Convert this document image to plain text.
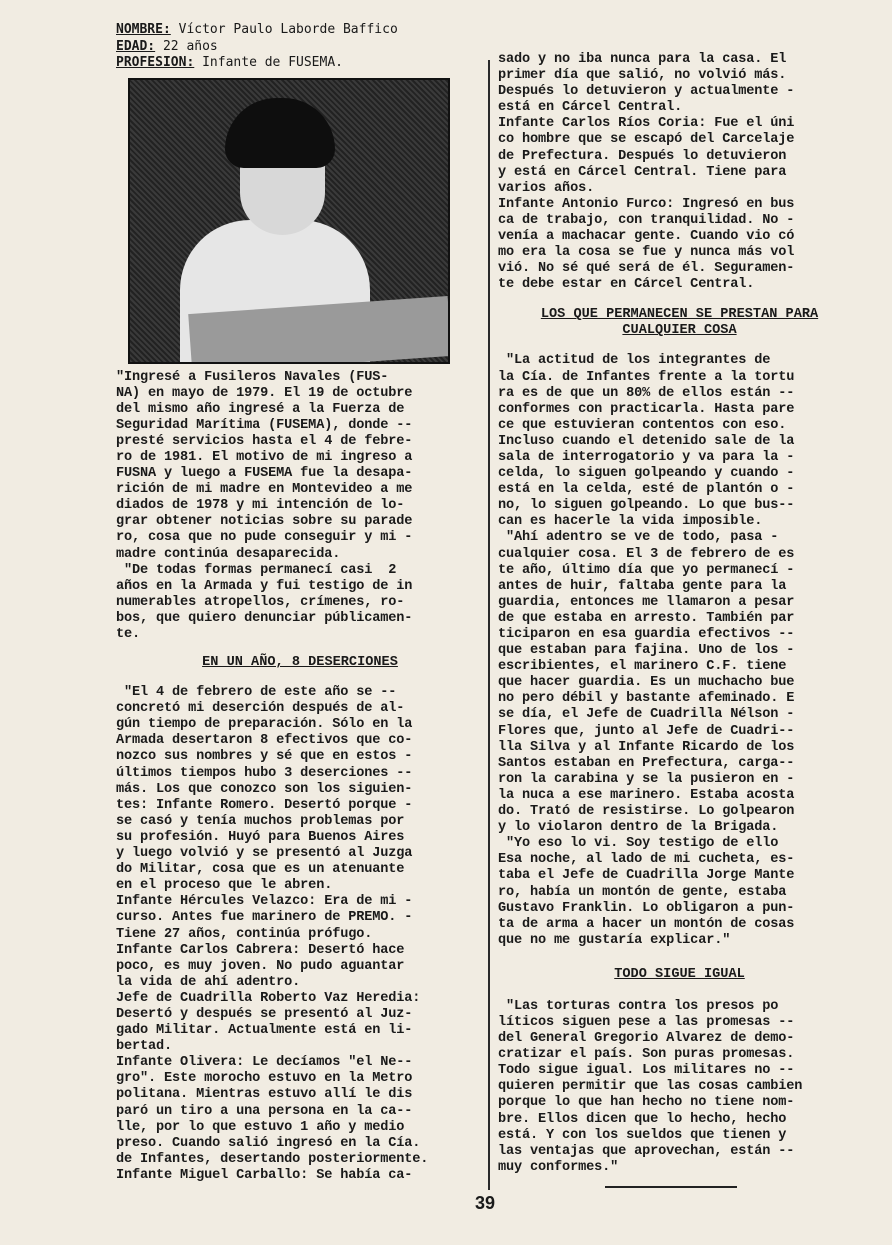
NOMBRE: Víctor Paulo Laborde Baffico
EDAD: 22 años
PROFESION: Infante de FUSEMA.

"Ingresé a Fusileros Navales (FUS-
NA) en mayo de 1979. El 19 de octubre
del mismo año ingresé a la Fuerza de
Seguridad Marítima (FUSEMA), donde --
presté servicios hasta el 4 de febre-
ro de 1981. El motivo de mi ingreso a
FUSNA y luego a FUSEMA fue la desapa-
rición de mi madre en Montevideo a me
diados de 1978 y mi intención de lo-
grar obtener noticias sobre su parade
ro, cosa que no pude conseguir y mi -
madre continúa desaparecida.
"De todas formas permanecí casi  2
años en la Armada y fui testigo de in
numerables atropellos, crímenes, ro-
bos, que quiero denunciar públicamen-
te.

EN UN AÑO, 8 DESERCIONES

"El 4 de febrero de este año se --
concretó mi deserción después de al-
gún tiempo de preparación. Sólo en la
Armada desertaron 8 efectivos que co-
nozco sus nombres y sé que en estos -
últimos tiempos hubo 3 deserciones --
más. Los que conozco son los siguien-
tes: Infante Romero. Desertó porque -
se casó y tenía muchos problemas por
su profesión. Huyó para Buenos Aires
y luego volvió y se presentó al Juzga
do Militar, cosa que es un atenuante
en el proceso que le abren.
Infante Hércules Velazco: Era de mi -
curso. Antes fue marinero de PREMO. -
Tiene 27 años, continúa prófugo.
Infante Carlos Cabrera: Desertó hace
poco, es muy joven. No pudo aguantar
la vida de ahí adentro.
Jefe de Cuadrilla Roberto Vaz Heredia:
Desertó y después se presentó al Juz-
gado Militar. Actualmente está en li-
bertad.
Infante Olivera: Le decíamos "el Ne--
gro". Este morocho estuvo en la Metro
politana. Mientras estuvo allí le dis
paró un tiro a una persona en la ca--
lle, por lo que estuvo 1 año y medio
preso. Cuando salió ingresó en la Cía.
de Infantes, desertando posteriormente.
Infante Miguel Carballo: Se había ca-

sado y no iba nunca para la casa. El
primer día que salió, no volvió más.
Después lo detuvieron y actualmente -
está en Cárcel Central.
Infante Carlos Ríos Coria: Fue el úni
co hombre que se escapó del Carcelaje
de Prefectura. Después lo detuvieron
y está en Cárcel Central. Tiene para
varios años.
Infante Antonio Furco: Ingresó en bus
ca de trabajo, con tranquilidad. No -
venía a machacar gente. Cuando vio có
mo era la cosa se fue y nunca más vol
vió. No sé qué será de él. Seguramen-
te debe estar en Cárcel Central.

LOS QUE PERMANECEN SE PRESTAN PARA
CUALQUIER COSA

"La actitud de los integrantes de
la Cía. de Infantes frente a la tortu
ra es de que un 80% de ellos están --
conformes con practicarla. Hasta pare
ce que estuvieran contentos con eso.
Incluso cuando el detenido sale de la
sala de interrogatorio y va para la -
celdа, lo siguen golpeando y cuando -
está en la celda, esté de plantón o -
no, lo siguen golpeando. Lo que bus--
can es hacerle la vida imposible.
"Ahí adentro se ve de todo, pasa -
cualquier cosa. El 3 de febrero de es
te año, último día que yo permanecí -
antes de huir, faltaba gente para la
guardia, entonces me llamaron a pesar
de que estaba en arresto. También par
ticiparon en esa guardia efectivos --
que estaban para fajina. Uno de los -
escribientes, el marinero C.F. tiene
que hacer guardia. Es un muchacho bue
no pero débil y bastante afeminado. E
se día, el Jefe de Cuadrilla Nélson -
Flores que, junto al Jefe de Cuadri--
lla Silva y al Infante Ricardo de los
Santos estaban en Prefectura, carga--
ron la carabina y se la pusieron en -
la nuca a ese marinero. Estaba acosta
do. Trató de resistirse. Lo golpearon
y lo violaron dentro de la Brigada.
"Yo eso lo vi. Soy testigo de ello
Esa noche, al lado de mi cucheta, es-
taba el Jefe de Cuadrilla Jorge Mante
ro, había un montón de gente, estaba
Gustavo Franklin. Lo obligaron a pun-
ta de arma a hacer un montón de cosas
que no me gustaría explicar."

TODO SIGUE IGUAL

"Las torturas contra los presos po
líticos siguen pese a las promesas --
del General Gregorio Alvarez de demo-
cratizar el país. Son puras promesas.
Todo sigue igual. Los militares no --
quieren permitir que las cosas cambien
porque lo que han hecho no tiene nom-
bre. Ellos dicen que lo hecho, hecho
está. Y con los sueldos que tienen y
las ventajas que aprovechan, están --
muy conformes."

39
